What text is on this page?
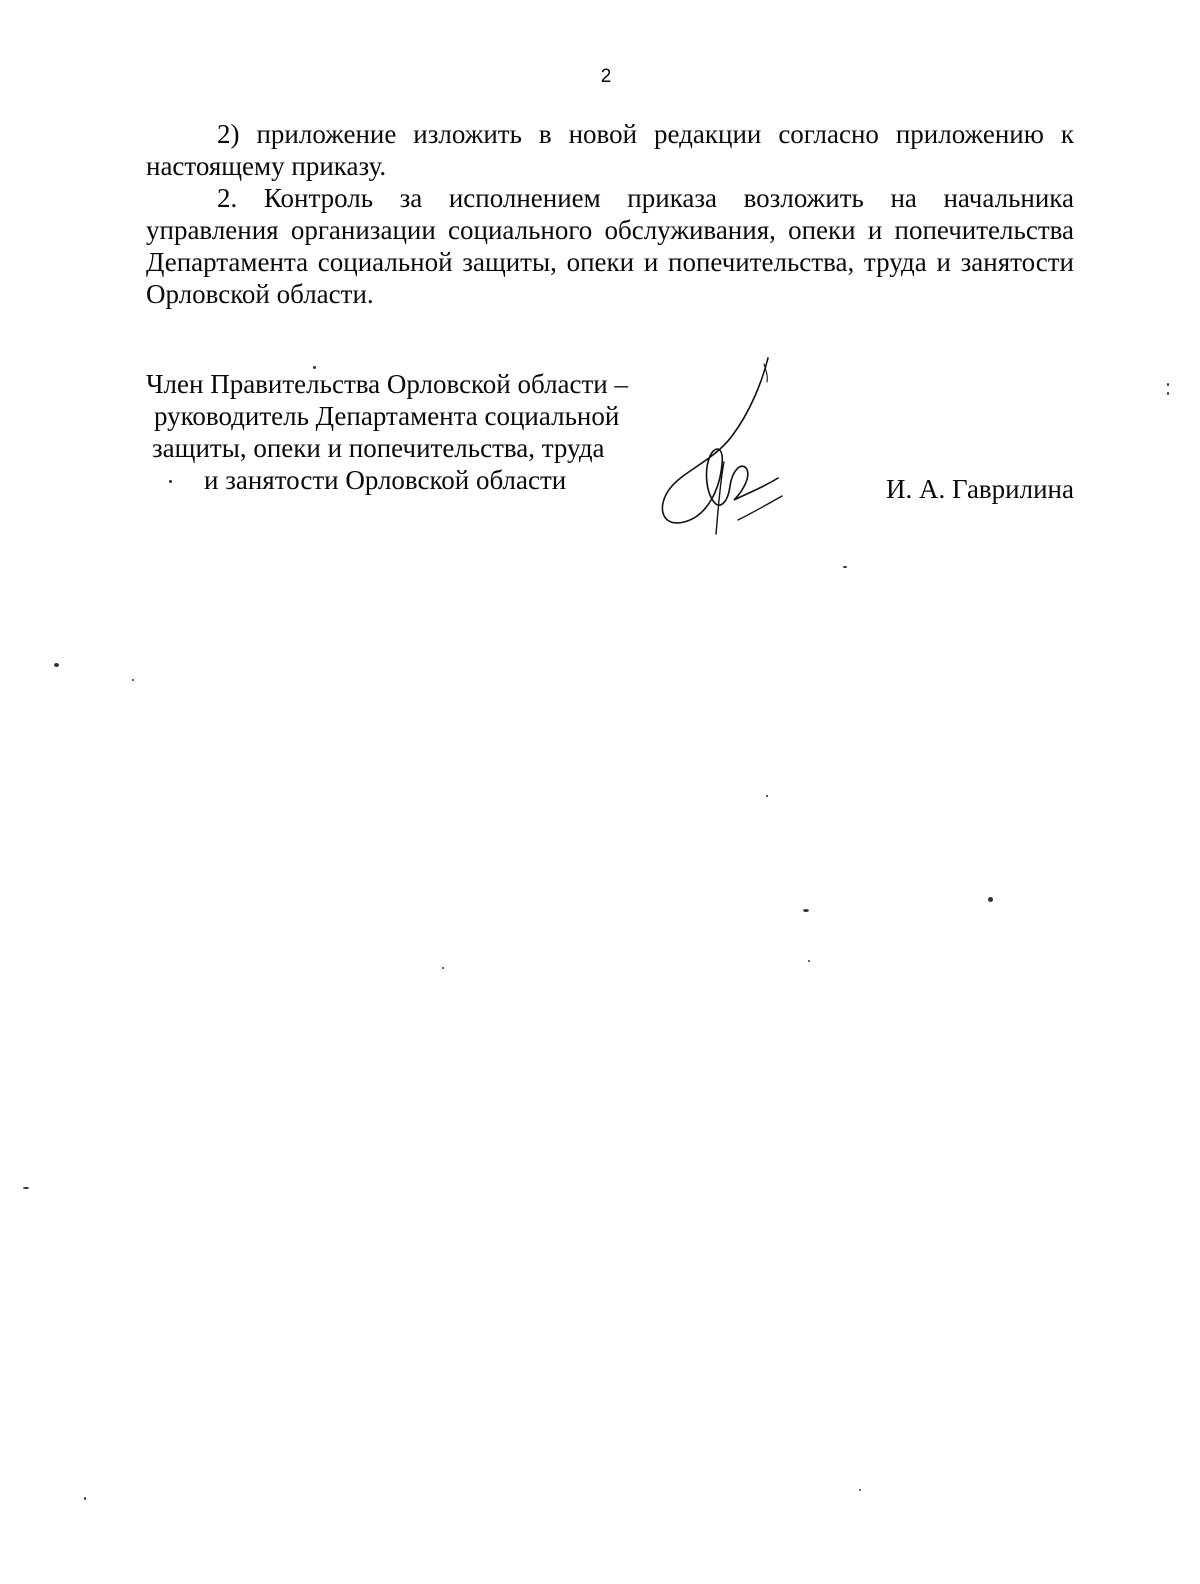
2

2) приложение изложить в новой редакции согласно приложению к настоящему приказу.

2. Контроль за исполнением приказа возложить на начальника управления организации социального обслуживания, опеки и попечительства Департамента социальной защиты, опеки и попечительства, труда и занятости Орловской области.

Член Правительства Орловской области –
руководитель Департамента социальной
защиты, опеки и попечительства, труда
и занятости Орловской области	И. А. Гаврилина
